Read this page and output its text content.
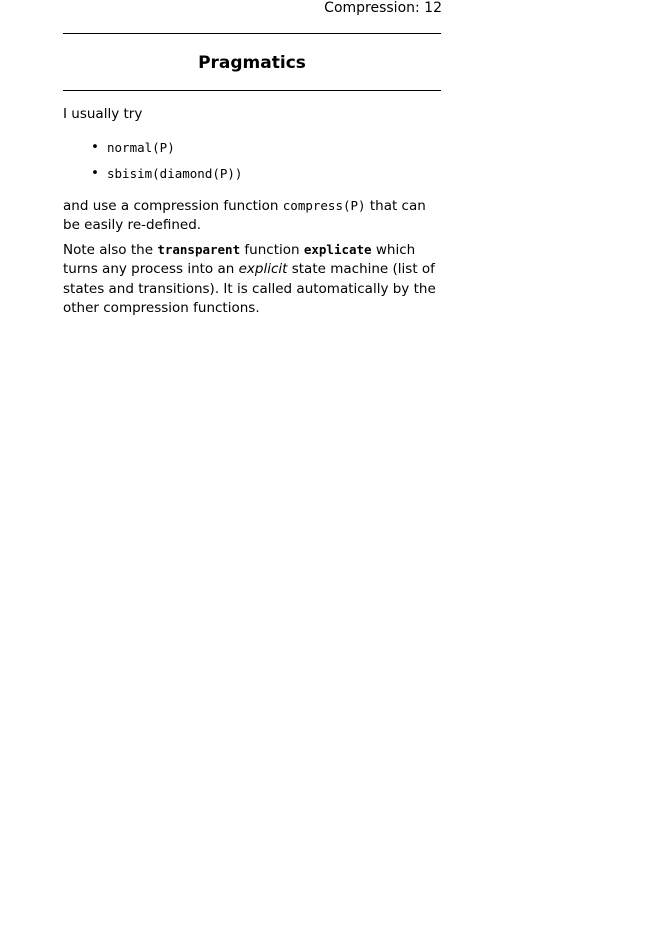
Compression: 12
Pragmatics

I usually try

• normal(P)
• sbisim(diamond(P))

and use a compression function compress(P) that can be easily re-defined.

Note also the transparent function explicate which turns any process into an explicit state machine (list of states and transitions). It is called automatically by the other compression functions.
